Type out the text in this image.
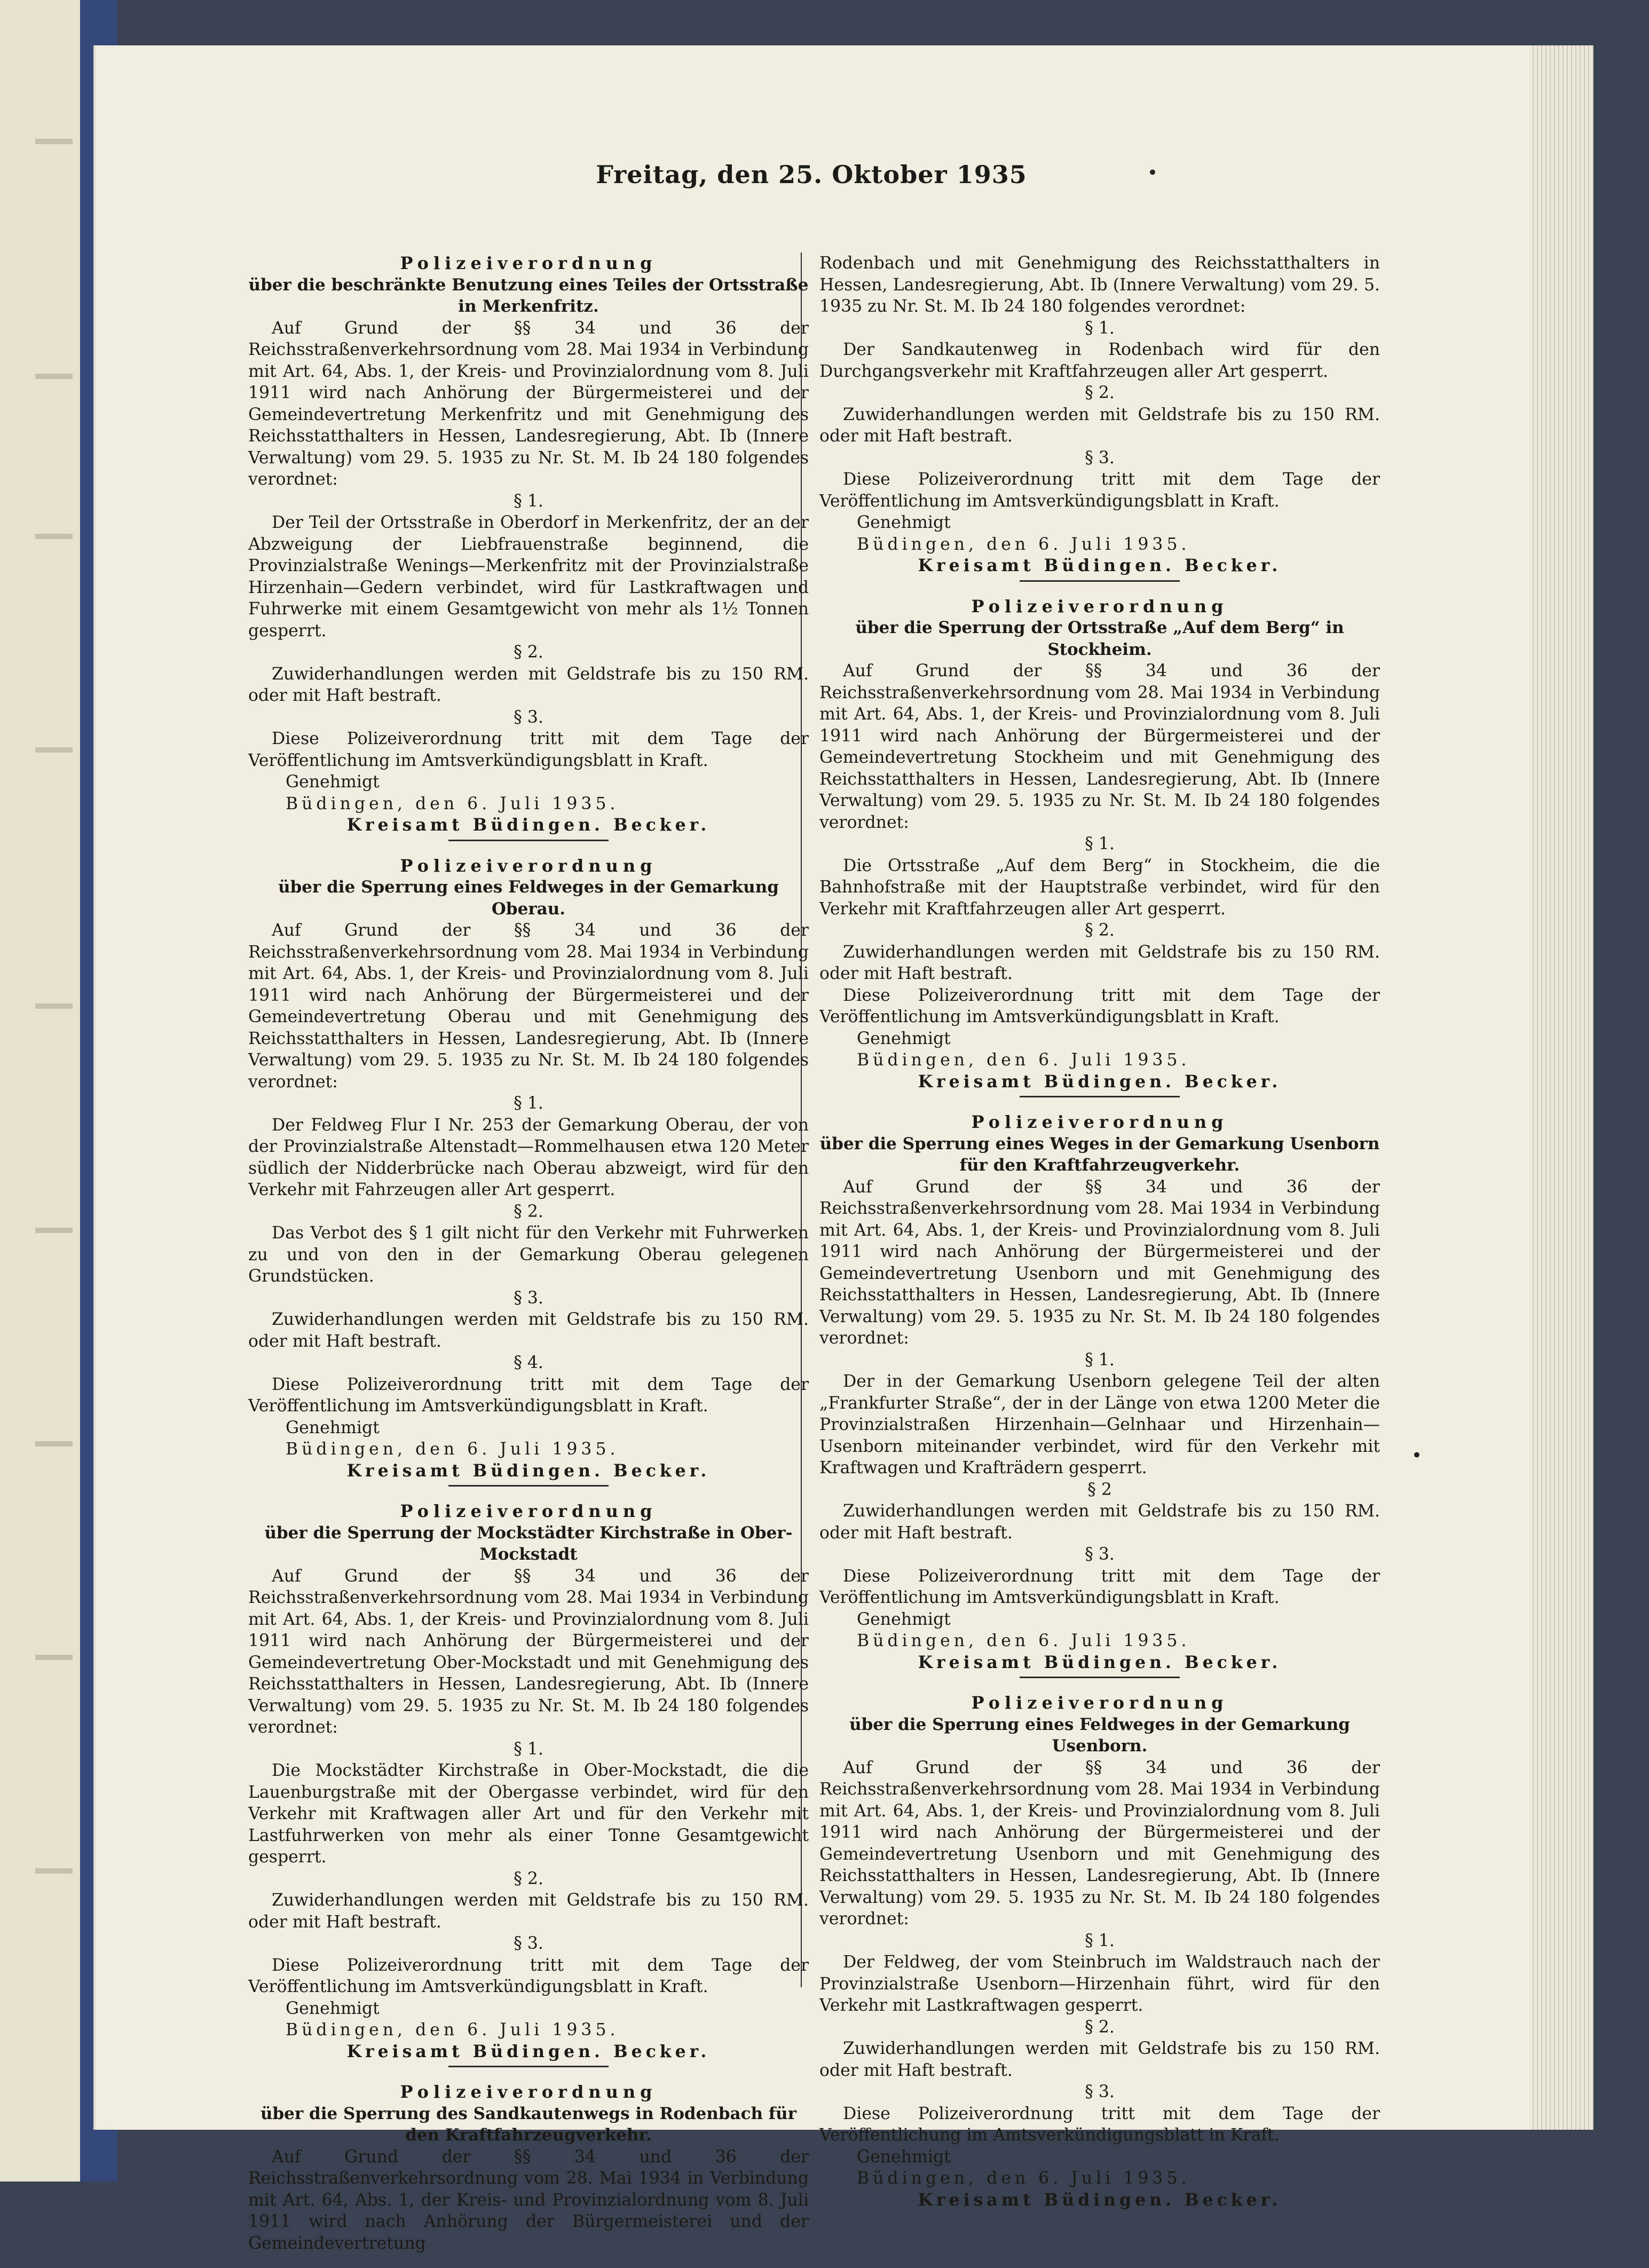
Freitag, den 25. Oktober 1935	•
•

Polizeiverordnung

über die beschränkte Benutzung eines Teiles der Ortsstraße in Merkenfritz.

Auf Grund der §§ 34 und 36 der Reichsstraßenverkehrsordnung vom 28. Mai 1934 in Verbindung mit Art. 64, Abs. 1, der Kreis- und Provinzialordnung vom 8. Juli 1911 wird nach Anhörung der Bürgermeisterei und der Gemeindevertretung Merkenfritz und mit Genehmigung des Reichsstatthalters in Hessen, Landesregierung, Abt. Ib (Innere Verwaltung) vom 29. 5. 1935 zu Nr. St. M. Ib 24 180 folgendes verordnet:

§ 1.

Der Teil der Ortsstraße in Oberdorf in Merkenfritz, der an der Abzweigung der Liebfrauenstraße beginnend, die Provinzialstraße Wenings—Merkenfritz mit der Provinzialstraße Hirzenhain—Gedern verbindet, wird für Lastkraftwagen und Fuhrwerke mit einem Gesamtgewicht von mehr als 1½ Tonnen gesperrt.

§ 2.

Zuwiderhandlungen werden mit Geldstrafe bis zu 150 RM. oder mit Haft bestraft.

§ 3.

Diese Polizeiverordnung tritt mit dem Tage der Veröffentlichung im Amtsverkündigungsblatt in Kraft.

Genehmigt

Büdingen, den 6. Juli 1935.

Kreisamt Büdingen. Becker.

Polizeiverordnung

über die Sperrung eines Feldweges in der Gemarkung Oberau.

Auf Grund der §§ 34 und 36 der Reichsstraßenverkehrsordnung vom 28. Mai 1934 in Verbindung mit Art. 64, Abs. 1, der Kreis- und Provinzialordnung vom 8. Juli 1911 wird nach Anhörung der Bürgermeisterei und der Gemeindevertretung Oberau und mit Genehmigung des Reichsstatthalters in Hessen, Landesregierung, Abt. Ib (Innere Verwaltung) vom 29. 5. 1935 zu Nr. St. M. Ib 24 180 folgendes verordnet:

§ 1.

Der Feldweg Flur I Nr. 253 der Gemarkung Oberau, der von der Provinzialstraße Altenstadt—Rommelhausen etwa 120 Meter südlich der Nidderbrücke nach Oberau abzweigt, wird für den Verkehr mit Fahrzeugen aller Art gesperrt.

§ 2.

Das Verbot des § 1 gilt nicht für den Verkehr mit Fuhrwerken zu und von den in der Gemarkung Oberau gelegenen Grundstücken.

§ 3.

Zuwiderhandlungen werden mit Geldstrafe bis zu 150 RM. oder mit Haft bestraft.

§ 4.

Diese Polizeiverordnung tritt mit dem Tage der Veröffentlichung im Amtsverkündigungsblatt in Kraft.

Genehmigt

Büdingen, den 6. Juli 1935.

Kreisamt Büdingen. Becker.

Polizeiverordnung

über die Sperrung der Mockstädter Kirchstraße in Ober-Mockstadt

Auf Grund der §§ 34 und 36 der Reichsstraßenverkehrsordnung vom 28. Mai 1934 in Verbindung mit Art. 64, Abs. 1, der Kreis- und Provinzialordnung vom 8. Juli 1911 wird nach Anhörung der Bürgermeisterei und der Gemeindevertretung Ober-Mockstadt und mit Genehmigung des Reichsstatthalters in Hessen, Landesregierung, Abt. Ib (Innere Verwaltung) vom 29. 5. 1935 zu Nr. St. M. Ib 24 180 folgendes verordnet:

§ 1.

Die Mockstädter Kirchstraße in Ober-Mockstadt, die die Lauenburgstraße mit der Obergasse verbindet, wird für den Verkehr mit Kraftwagen aller Art und für den Verkehr mit Lastfuhrwerken von mehr als einer Tonne Gesamtgewicht gesperrt.

§ 2.

Zuwiderhandlungen werden mit Geldstrafe bis zu 150 RM. oder mit Haft bestraft.

§ 3.

Diese Polizeiverordnung tritt mit dem Tage der Veröffentlichung im Amtsverkündigungsblatt in Kraft.

Genehmigt

Büdingen, den 6. Juli 1935.

Kreisamt Büdingen. Becker.

Polizeiverordnung

über die Sperrung des Sandkautenwegs in Rodenbach für den Kraftfahrzeugverkehr.

Auf Grund der §§ 34 und 36 der Reichsstraßenverkehrsordnung vom 28. Mai 1934 in Verbindung mit Art. 64, Abs. 1, der Kreis- und Provinzialordnung vom 8. Juli 1911 wird nach Anhörung der Bürgermeisterei und der Gemeindevertretung

Rodenbach und mit Genehmigung des Reichsstatthalters in Hessen, Landesregierung, Abt. Ib (Innere Verwaltung) vom 29. 5. 1935 zu Nr. St. M. Ib 24 180 folgendes verordnet:

§ 1.

Der Sandkautenweg in Rodenbach wird für den Durchgangsverkehr mit Kraftfahrzeugen aller Art gesperrt.

§ 2.

Zuwiderhandlungen werden mit Geldstrafe bis zu 150 RM. oder mit Haft bestraft.

§ 3.

Diese Polizeiverordnung tritt mit dem Tage der Veröffentlichung im Amtsverkündigungsblatt in Kraft.

Genehmigt

Büdingen, den 6. Juli 1935.

Kreisamt Büdingen. Becker.

Polizeiverordnung

über die Sperrung der Ortsstraße „Auf dem Berg“ in Stockheim.

Auf Grund der §§ 34 und 36 der Reichsstraßenverkehrsordnung vom 28. Mai 1934 in Verbindung mit Art. 64, Abs. 1, der Kreis- und Provinzialordnung vom 8. Juli 1911 wird nach Anhörung der Bürgermeisterei und der Gemeindevertretung Stockheim und mit Genehmigung des Reichsstatthalters in Hessen, Landesregierung, Abt. Ib (Innere Verwaltung) vom 29. 5. 1935 zu Nr. St. M. Ib 24 180 folgendes verordnet:

§ 1.

Die Ortsstraße „Auf dem Berg“ in Stockheim, die die Bahnhofstraße mit der Hauptstraße verbindet, wird für den Verkehr mit Kraftfahrzeugen aller Art gesperrt.

§ 2.

Zuwiderhandlungen werden mit Geldstrafe bis zu 150 RM. oder mit Haft bestraft.

Diese Polizeiverordnung tritt mit dem Tage der Veröffentlichung im Amtsverkündigungsblatt in Kraft.

Genehmigt

Büdingen, den 6. Juli 1935.

Kreisamt Büdingen. Becker.

Polizeiverordnung

über die Sperrung eines Weges in der Gemarkung Usenborn für den Kraftfahrzeugverkehr.

Auf Grund der §§ 34 und 36 der Reichsstraßenverkehrsordnung vom 28. Mai 1934 in Verbindung mit Art. 64, Abs. 1, der Kreis- und Provinzialordnung vom 8. Juli 1911 wird nach Anhörung der Bürgermeisterei und der Gemeindevertretung Usenborn und mit Genehmigung des Reichsstatthalters in Hessen, Landesregierung, Abt. Ib (Innere Verwaltung) vom 29. 5. 1935 zu Nr. St. M. Ib 24 180 folgendes verordnet:

§ 1.

Der in der Gemarkung Usenborn gelegene Teil der alten „Frankfurter Straße“, der in der Länge von etwa 1200 Meter die Provinzialstraßen Hirzenhain—Gelnhaar und Hirzenhain—Usenborn miteinander verbindet, wird für den Verkehr mit Kraftwagen und Krafträdern gesperrt.

§ 2

Zuwiderhandlungen werden mit Geldstrafe bis zu 150 RM. oder mit Haft bestraft.

§ 3.

Diese Polizeiverordnung tritt mit dem Tage der Veröffentlichung im Amtsverkündigungsblatt in Kraft.

Genehmigt

Büdingen, den 6. Juli 1935.

Kreisamt Büdingen. Becker.

Polizeiverordnung

über die Sperrung eines Feldweges in der Gemarkung Usenborn.

Auf Grund der §§ 34 und 36 der Reichsstraßenverkehrsordnung vom 28. Mai 1934 in Verbindung mit Art. 64, Abs. 1, der Kreis- und Provinzialordnung vom 8. Juli 1911 wird nach Anhörung der Bürgermeisterei und der Gemeindevertretung Usenborn und mit Genehmigung des Reichsstatthalters in Hessen, Landesregierung, Abt. Ib (Innere Verwaltung) vom 29. 5. 1935 zu Nr. St. M. Ib 24 180 folgendes verordnet:

§ 1.

Der Feldweg, der vom Steinbruch im Waldstrauch nach der Provinzialstraße Usenborn—Hirzenhain führt, wird für den Verkehr mit Lastkraftwagen gesperrt.

§ 2.

Zuwiderhandlungen werden mit Geldstrafe bis zu 150 RM. oder mit Haft bestraft.

§ 3.

Diese Polizeiverordnung tritt mit dem Tage der Veröffentlichung im Amtsverkündigungsblatt in Kraft.

Genehmigt

Büdingen, den 6. Juli 1935.

Kreisamt Büdingen. Becker.
